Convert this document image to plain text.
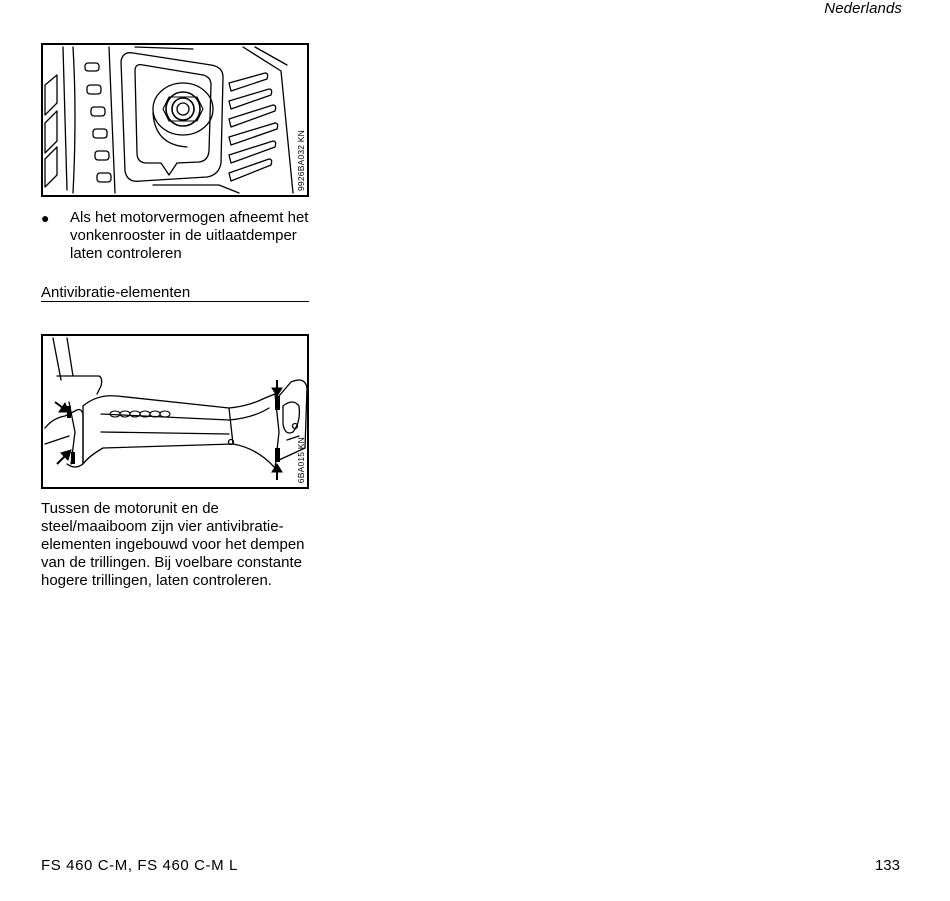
Nederlands
9926BA032 KN
●	Als het motorvermogen afneemt het vonkenrooster in de uitlaatdemper laten controleren
Antivibratie-elementen
6BA015 KN
Tussen de motorunit en de steel/maaiboom zijn vier antivibratie-elementen ingebouwd voor het dempen van de trillingen. Bij voelbare constante hogere trillingen, laten controleren.
FS 460 C-M, FS 460 C-M L	133
